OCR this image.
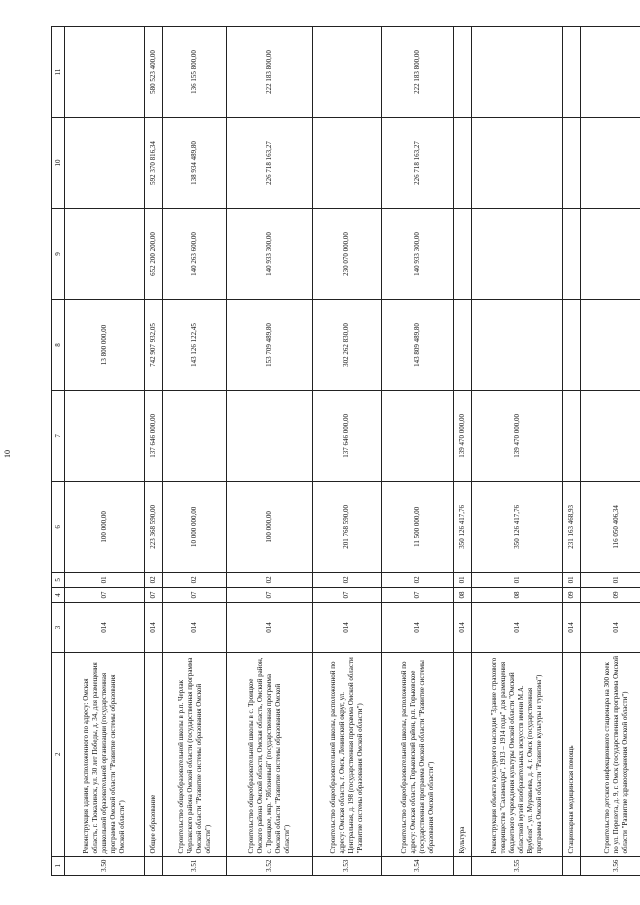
10
1	2	3	4	5	6	7	8	9	10	11
3.50	Реконструкция здания, расположенного по адресу: Омская область, г. Тюкалинск, ул. 30 лет Победы, д. 34, для размещения дошкольной образовательной организации (государственная программа Омской области "Развитие системы образования Омской области")	014	07	01	100 000,00		13 800 000,00			
	Общее образование	014	07	02	223 368 590,00	137 646 000,00	742 907 932,05	652 200 200,00	592 370 816,34	580 523 400,00
3.51	Строительство общеобразовательной школы в р.п. Черлак Черлакского района Омской области (государственная программа Омской области "Развитие системы образования Омской области")	014	07	02	10 000 000,00		143 126 122,45	140 263 600,00	138 934 489,80	136 155 800,00
3.52	Строительство общеобразовательной школы в с. Троицкое Омского района Омской области, Омская область, Омский район, с. Троицкое, мкр. "Яблоневый" (государственная программа Омской области "Развитие системы образования Омской области")	014	07	02	100 000,00		153 709 489,80	140 933 300,00	226 718 163,27	222 183 800,00
3.53	Строительство общеобразовательной школы, расположенной по адресу: Омская область, г. Омск, Ленинский округ, ул. Центральная, д. 198 (государственная программа Омской области "Развитие системы образования Омской области")	014	07	02	201 768 590,00	137 646 000,00	302 262 830,00	230 070 000,00		
3.54	Строительство общеобразовательной школы, расположенной по адресу: Омская область, Горьковский район, р.п. Горьковское (государственная программа Омской области "Развитие системы образования Омской области")	014	07	02	11 500 000,00		143 809 489,80	140 933 300,00	226 718 163,27	222 183 800,00
	Культура	014	08	01	350 126 417,76	139 470 000,00				
3.55	Реконструкция объекта культурного наследия "Здание страхового товарищества "Саламандра", 1913 – 1914 годы" для размещения бюджетного учреждения культуры Омской области "Омский областной музей изобразительных искусств имени М.А. Врубеля", ул. Муравьева, д. 4, г. Омск (государственная программа Омской области "Развитие культуры и туризма")	014	08	01	350 126 417,76	139 470 000,00				
	Стационарная медицинская помощь	014	09	01	231 163 468,93					
3.56	Строительство детского инфекционного стационара на 300 коек по ул. Перелета, д. 9, г. Омск (государственная программа Омской области "Развитие здравоохранения Омской области")	014	09	01	116 050 406,34					
